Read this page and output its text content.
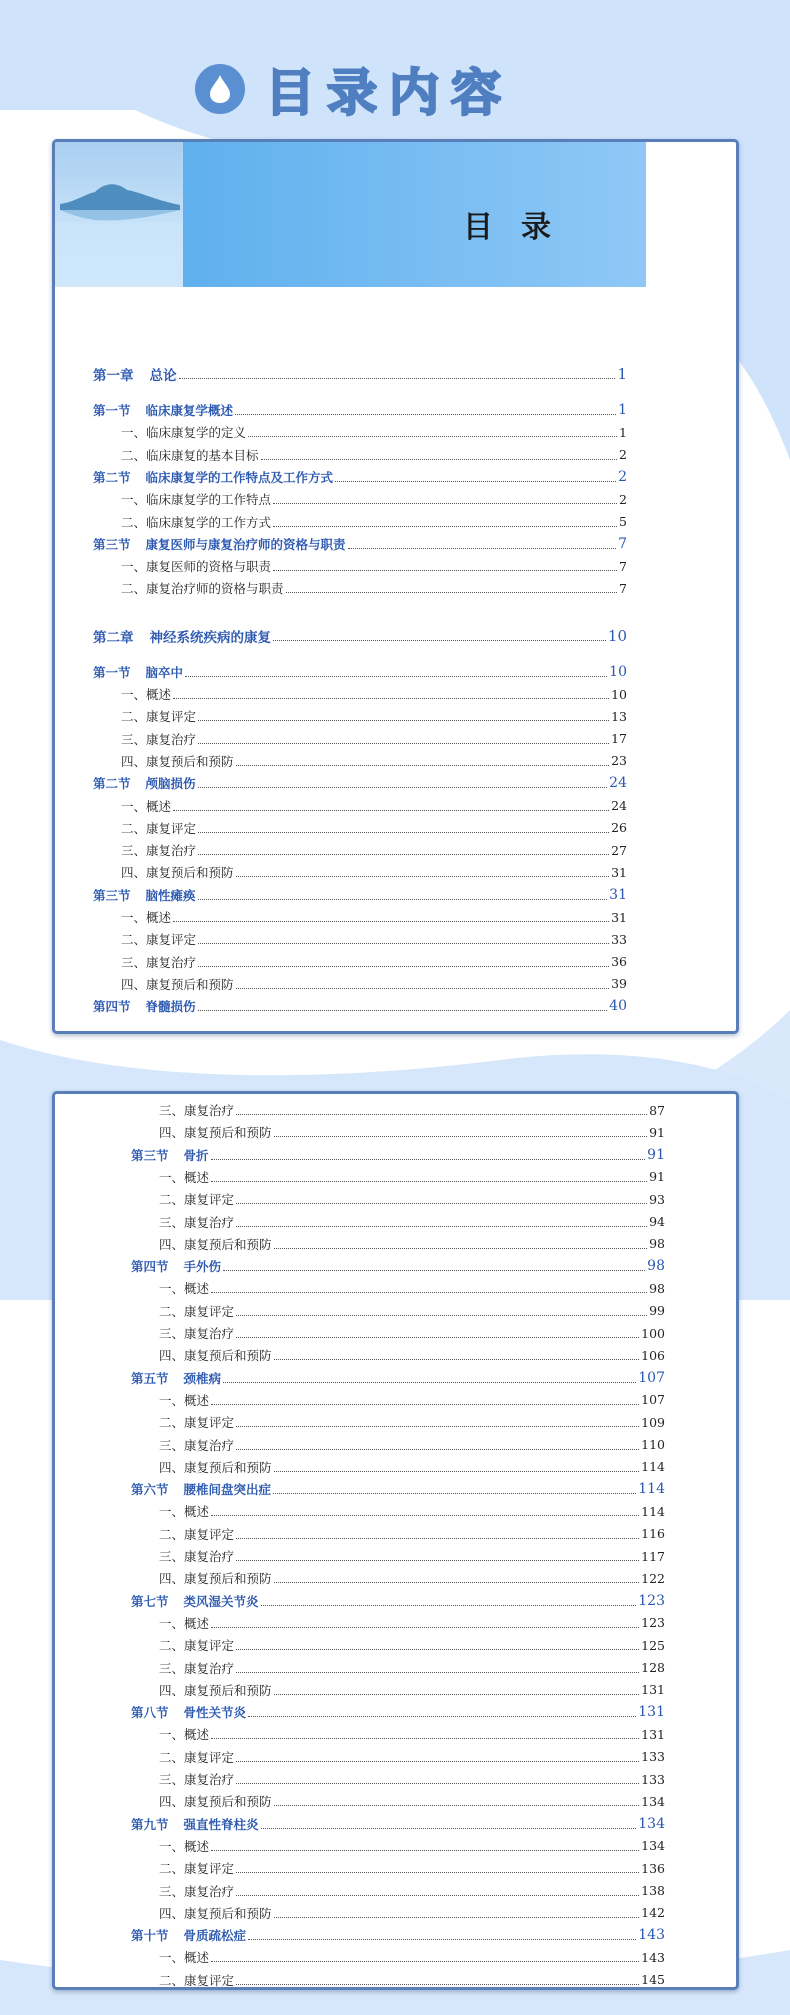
目录内容
目录
第一章 总论	1
第一节 临床康复学概述	1
一、临床康复学的定义	1
二、临床康复的基本目标	2
第二节 临床康复学的工作特点及工作方式	2
一、临床康复学的工作特点	2
二、临床康复学的工作方式	5
第三节 康复医师与康复治疗师的资格与职责	7
一、康复医师的资格与职责	7
二、康复治疗师的资格与职责	7
第二章 神经系统疾病的康复	10
第一节 脑卒中	10
一、概述	10
二、康复评定	13
三、康复治疗	17
四、康复预后和预防	23
第二节 颅脑损伤	24
一、概述	24
二、康复评定	26
三、康复治疗	27
四、康复预后和预防	31
第三节 脑性瘫痪	31
一、概述	31
二、康复评定	33
三、康复治疗	36
四、康复预后和预防	39
第四节 脊髓损伤	40
三、康复治疗	87
四、康复预后和预防	91
第三节 骨折	91
一、概述	91
二、康复评定	93
三、康复治疗	94
四、康复预后和预防	98
第四节 手外伤	98
一、概述	98
二、康复评定	99
三、康复治疗	100
四、康复预后和预防	106
第五节 颈椎病	107
一、概述	107
二、康复评定	109
三、康复治疗	110
四、康复预后和预防	114
第六节 腰椎间盘突出症	114
一、概述	114
二、康复评定	116
三、康复治疗	117
四、康复预后和预防	122
第七节 类风湿关节炎	123
一、概述	123
二、康复评定	125
三、康复治疗	128
四、康复预后和预防	131
第八节 骨性关节炎	131
一、概述	131
二、康复评定	133
三、康复治疗	133
四、康复预后和预防	134
第九节 强直性脊柱炎	134
一、概述	134
二、康复评定	136
三、康复治疗	138
四、康复预后和预防	142
第十节 骨质疏松症	143
一、概述	143
二、康复评定	145
